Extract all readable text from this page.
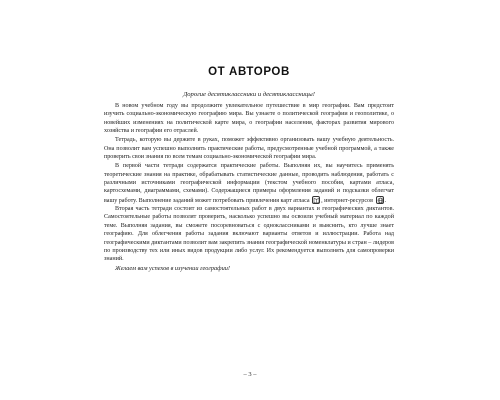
ОТ АВТОРОВ
Дорогие десятиклассники и десятиклассницы!

В новом учебном году вы продолжите увлекательное путешествие в мир географии. Вам предстоит изучить социально-экономическую географию мира. Вы узнаете о политической географии и геополитике, о новейших изменениях на политической карте мира, о географии населения, факторах развития мирового хозяйства и географии его отраслей.

Тетрадь, которую вы держите в руках, поможет эффективно организовать вашу учебную деятельность. Она позволит вам успешно выполнить практические работы, предусмотренные учебной программой, а также проверить свои знания по всем темам социально-экономической географии мира.

В первой части тетради содержатся практические работы. Выполняя их, вы научитесь применять теоретические знания на практике, обрабатывать статистические данные, проводить наблюдения, работать с различными источниками географической информации (текстом учебного пособия, картами атласа, картосхемами, диаграммами, схемами). Содержащиеся примеры оформления заданий и подсказки облегчат вашу работу. Выполнение заданий может потребовать привлечения карт атласа , интернет-ресурсов .

Вторая часть тетради состоит из самостоятельных работ в двух вариантах и географических диктантов. Самостоятельные работы позволят проверить, насколько успешно вы освоили учебный материал по каждой теме. Выполняя задания, вы сможете посоревноваться с одноклассниками и выяснить, кто лучше знает географию. Для облегчения работы задания включают варианты ответов и иллюстрации. Работа над географическими диктантами позволит вам закрепить знания географической номенклатуры и стран – лидеров по производству тех или иных видов продукции либо услуг. Их рекомендуется выполнять для самопроверки знаний.

Желаем вам успехов в изучении географии!

– 3 –
